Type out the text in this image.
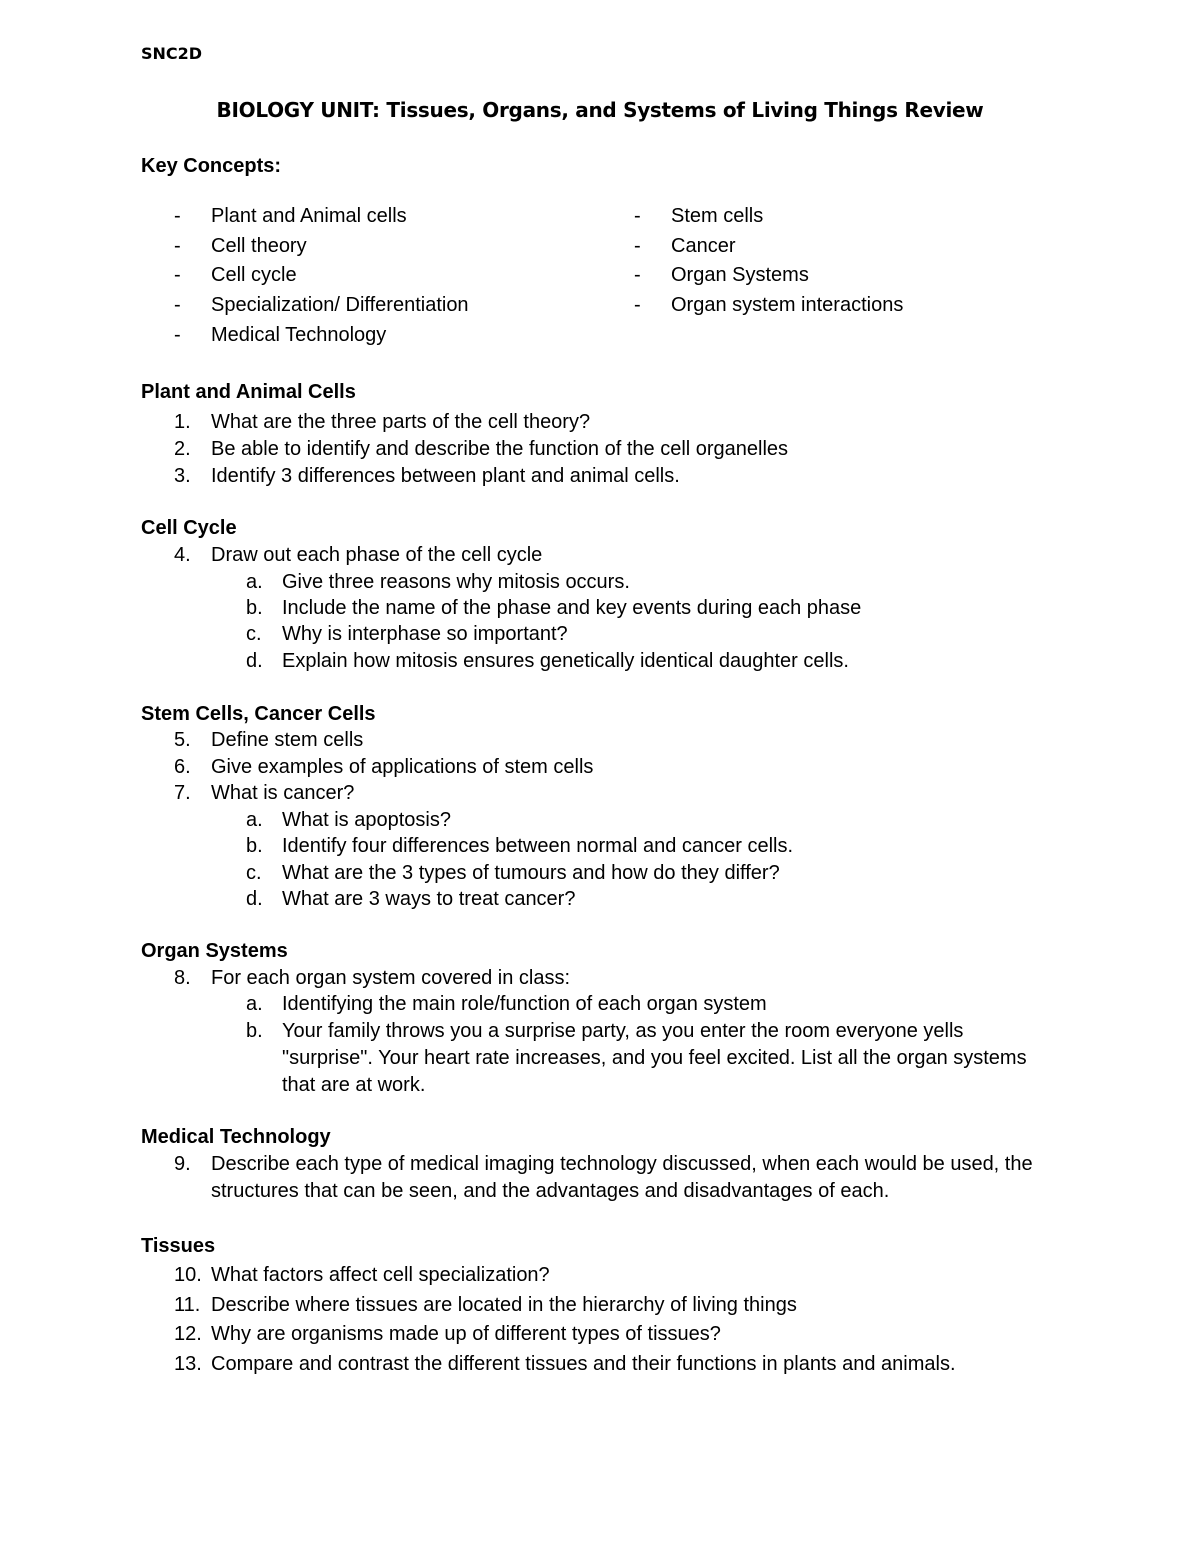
SNC2D
BIOLOGY UNIT: Tissues, Organs, and Systems of Living Things Review
Key Concepts:
- Plant and Animal cells
- Cell theory
- Cell cycle
- Specialization/ Differentiation
- Medical Technology
- Stem cells
- Cancer
- Organ Systems
- Organ system interactions
Plant and Animal Cells
1. What are the three parts of the cell theory?
2. Be able to identify and describe the function of the cell organelles
3. Identify 3 differences between plant and animal cells.
Cell Cycle
4. Draw out each phase of the cell cycle
a. Give three reasons why mitosis occurs.
b. Include the name of the phase and key events during each phase
c. Why is interphase so important?
d. Explain how mitosis ensures genetically identical daughter cells.
Stem Cells, Cancer Cells
5. Define stem cells
6. Give examples of applications of stem cells
7. What is cancer?
a. What is apoptosis?
b. Identify four differences between normal and cancer cells.
c. What are the 3 types of tumours and how do they differ?
d. What are 3 ways to treat cancer?
Organ Systems
8. For each organ system covered in class:
a. Identifying the main role/function of each organ system
b. Your family throws you a surprise party, as you enter the room everyone yells "surprise". Your heart rate increases, and you feel excited. List all the organ systems that are at work.
Medical Technology
9. Describe each type of medical imaging technology discussed, when each would be used, the structures that can be seen, and the advantages and disadvantages of each.
Tissues
10. What factors affect cell specialization?
11. Describe where tissues are located in the hierarchy of living things
12. Why are organisms made up of different types of tissues?
13. Compare and contrast the different tissues and their functions in plants and animals.
